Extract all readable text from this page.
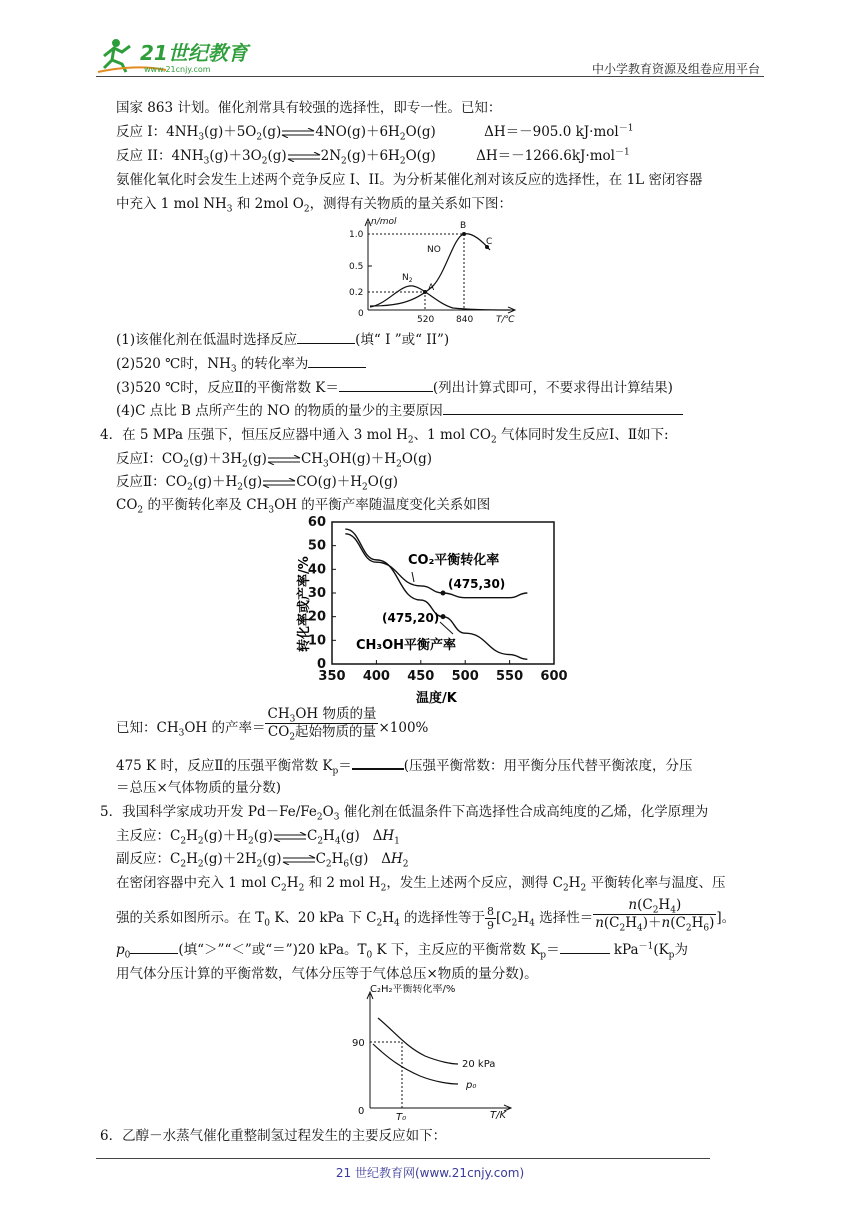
21世纪教育
www.21cnjy.com	中小学教育资源及组卷应用平台
国家 863 计划。催化剂常具有较强的选择性，即专一性。已知：
反应 I：$4NH_3(g)+5O_2(g)\rightleftharpoons 4NO(g)+6H_2O(g)$	ΔH＝－905.0 kJ·mol$^{-1}$
反应 II：$4NH_3(g)+3O_2(g)\rightleftharpoons 2N_2(g)+6H_2O(g)$	ΔH＝－1266.6kJ·mol$^{-1}$
氨催化氧化时会发生上述两个竞争反应 I、II。为分析某催化剂对该反应的选择性，在 1L 密闭容器
中充入 1 mol $NH_3$ 和 2mol $O_2$，测得有关物质的量关系如下图：
n/mol
T/℃
1.0
0.5
0.2
0
520 840
$N_2$
A
NO
B
C
(1)该催化剂在低温时选择反应	(填“ I ”或“ II”)
(2)520 ℃时，$NH_3$ 的转化率为
(3)520 ℃时，反应Ⅱ的平衡常数 K＝	(列出计算式即可，不要求得出计算结果)
(4)C 点比 B 点所产生的 NO 的物质的量少的主要原因
4．在 5 MPa 压强下，恒压反应器中通入 3 mol $H_2$、1 mol $CO_2$ 气体同时发生反应Ⅰ、Ⅱ如下:
反应Ⅰ：$CO_2(g)+3H_2(g)\rightleftharpoons CH_3OH(g)+H_2O(g)$
反应Ⅱ：$CO_2(g)+H_2(g)\rightleftharpoons CO(g)+H_2O(g)$
$CO_2$ 的平衡转化率及 $CH_3OH$ 的平衡产率随温度变化关系如图
60
50
40
30
20
10
0
350 400 450 500 550 600
转化率或产率/%
温度/K
CO₂平衡转化率
CH₃OH平衡产率
(475,30)
(475,20)
已知：$CH_3OH$ 的产率＝ $\frac{CH_3OH 物质的量}{CO_2起始物质的量} \times 100\%$
475 K 时，反应Ⅱ的压强平衡常数 $K_p=$	(压强平衡常数：用平衡分压代替平衡浓度，分压
＝总压×气体物质的量分数)
5．我国科学家成功开发 $Pd-Fe/Fe_2O_3$ 催化剂在低温条件下高选择性合成高纯度的乙烯，化学原理为
主反应：$C_2H_2(g)+H_2(g)\rightleftharpoons C_2H_4(g)$   $\Delta H_1$
副反应：$C_2H_2(g)+2H_2(g)\rightleftharpoons C_2H_6(g)$   $\Delta H_2$
在密闭容器中充入 1 mol $C_2H_2$ 和 2 mol $H_2$，发生上述两个反应，测得 $C_2H_2$ 平衡转化率与温度、压
强的关系如图所示。在 $T_0$ K、20 kPa 下 $C_2H_4$ 的选择性等于 $\frac{8}{9} [C_2H_4$ 选择性＝ $\frac{n(C_2H_4)}{n(C_2H_4)+n(C_2H_6)}$ ]。
$p_0$	(填“＞”“＜”或“＝”)20 kPa。$T_0$ K 下，主反应的平衡常数 $K_p=$	$kPa^{-1}(K_p$为
用气体分压计算的平衡常数，气体分压等于气体总压×物质的量分数)。
C₂H₂平衡转化率/%
T/K
90
0
T₀
20 kPa
p₀
6．乙醇－水蒸气催化重整制氢过程发生的主要反应如下：
21 世纪教育网(www.21cnjy.com)
